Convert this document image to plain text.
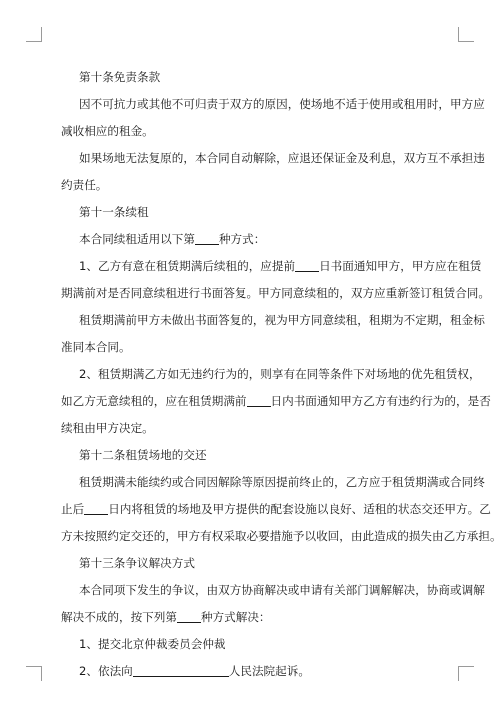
第十条免责条款
因不可抗力或其他不可归责于双方的原因，使场地不适于使用或租用时，甲方应
减收相应的租金。
如果场地无法复原的，本合同自动解除，应退还保证金及利息，双方互不承担违
约责任。
第十一条续租
本合同续租适用以下第 种方式：
1、乙方有意在租赁期满后续租的，应提前 日书面通知甲方，甲方应在租赁
期满前对是否同意续租进行书面答复。甲方同意续租的，双方应重新签订租赁合同。
租赁期满前甲方未做出书面答复的，视为甲方同意续租，租期为不定期，租金标
准同本合同。
2、租赁期满乙方如无违约行为的，则享有在同等条件下对场地的优先租赁权，
如乙方无意续租的，应在租赁期满前 日内书面通知甲方乙方有违约行为的，是否
续租由甲方决定。
第十二条租赁场地的交还
租赁期满未能续约或合同因解除等原因提前终止的，乙方应于租赁期满或合同终
止后 日内将租赁的场地及甲方提供的配套设施以良好、适租的状态交还甲方。乙
方未按照约定交还的，甲方有权采取必要措施予以收回，由此造成的损失由乙方承担。
第十三条争议解决方式
本合同项下发生的争议，由双方协商解决或申请有关部门调解解决，协商或调解
解决不成的，按下列第 种方式解决：
1、提交北京仲裁委员会仲裁
2、依法向	人民法院起诉。
